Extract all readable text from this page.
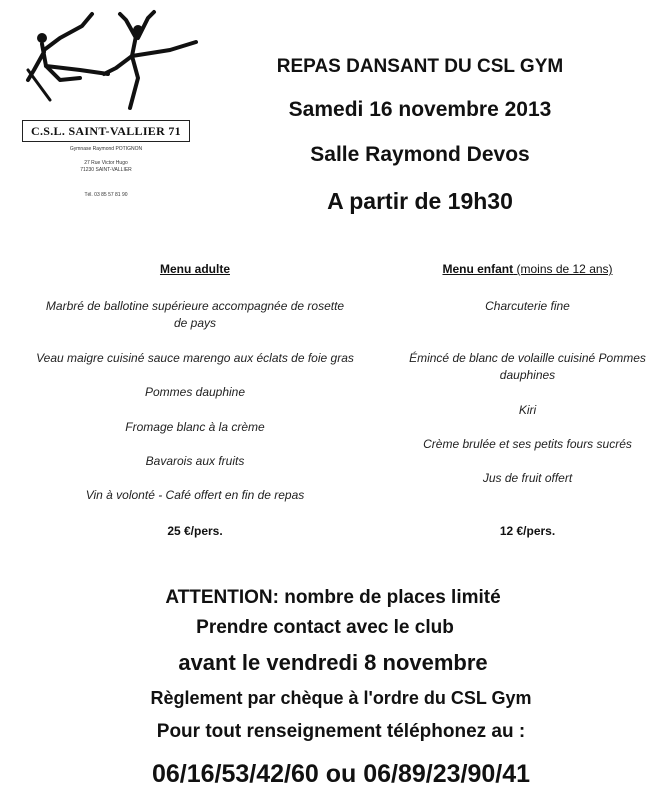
C.S.L. SAINT-VALLIER 71
Gymnase Raymond POTIGNON
27 Rue Victor Hugo
71230 SAINT-VALLIER
Tél. 03 85 57 81 90
REPAS DANSANT DU CSL GYM
Samedi 16 novembre 2013
Salle Raymond Devos
A partir de 19h30
Menu adulte
Marbré de ballotine supérieure accompagnée de rosette de pays
Veau maigre cuisiné sauce marengo aux éclats de foie gras
Pommes dauphine
Fromage blanc à la crème
Bavarois aux fruits
Vin à volonté - Café offert en fin de repas
25 €/pers.
Menu enfant (moins de 12 ans)
Charcuterie fine
Émincé de blanc de volaille cuisiné Pommes dauphines
Kiri
Crème brulée et ses petits fours sucrés
Jus de fruit offert
12 €/pers.
ATTENTION: nombre de places limité
Prendre contact avec le club
avant le vendredi 8 novembre
Règlement par chèque à l'ordre du CSL Gym
Pour tout renseignement téléphonez au :
06/16/53/42/60 ou 06/89/23/90/41
